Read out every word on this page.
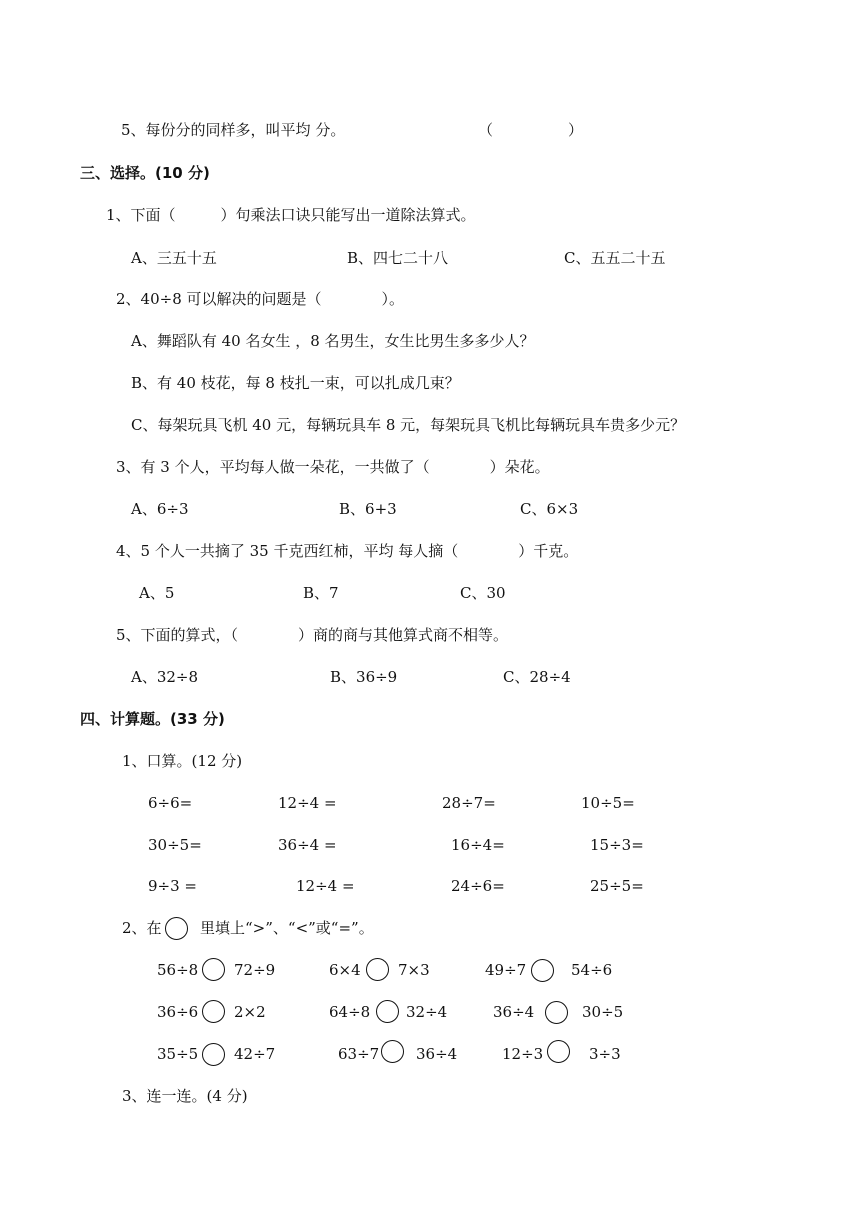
5、每份分的同样多，叫平均 分。	（　　　　　）
三、选择。(10 分)
1、下面（　　　）句乘法口诀只能写出一道除法算式。
A、三五十五	B、四七二十八	C、五五二十五
2、40÷8 可以解决的问题是（　　　　）。
A、舞蹈队有 40 名女生 ，8 名男生，女生比男生多多少人？
B、有 40 枝花，每 8 枝扎一束，可以扎成几束？
C、每架玩具飞机 40 元，每辆玩具车 8 元，每架玩具飞机比每辆玩具车贵多少元？
3、有 3 个人，平均每人做一朵花，一共做了（　　　　）朵花。
A、6÷3	B、6+3	C、6×3
4、5 个人一共摘了 35 千克西红柿，平均 每人摘（　　　　）千克。
A、5	B、7	C、30
5、下面的算式，（　　　　）商的商与其他算式商不相等。
A、32÷8	B、36÷9	C、28÷4
四、计算题。(33 分)
1、口算。(12 分)
6÷6=	12÷4 =	28÷7=	10÷5=
30÷5=	36÷4 =	16÷4=	15÷3=
9÷3 =	12÷4 =	24÷6=	25÷5=
2、在	里填上“>”、“<”或“=”。
56÷8 72÷9	6×4 7×3	49÷7	54÷6
36÷6 2×2	64÷8 32÷4	36÷4	30÷5
35÷5 42÷7	63÷7 36÷4	12÷3	3÷3
3、连一连。(4 分)
